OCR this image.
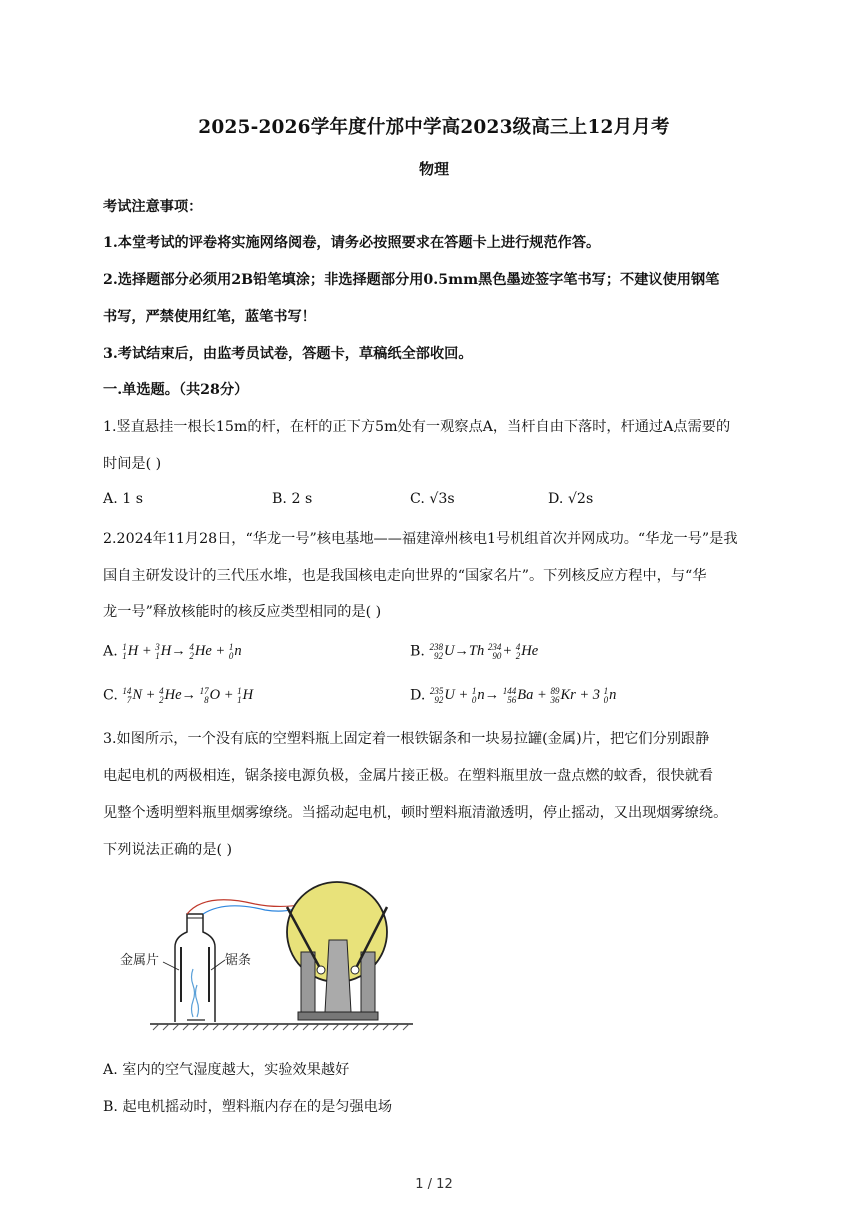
2025-2026学年度什邡中学高2023级高三上12月月考
物理
考试注意事项：
1.本堂考试的评卷将实施网络阅卷，请务必按照要求在答题卡上进行规范作答。
2.选择题部分必须用2B铅笔填涂；非选择题部分用0.5mm黑色墨迹签字笔书写；不建议使用钢笔
书写，严禁使用红笔，蓝笔书写！
3.考试结束后，由监考员试卷，答题卡，草稿纸全部收回。
一.单选题。（共28分）
1.竖直悬挂一根长15m的杆，在杆的正下方5m处有一观察点A，当杆自由下落时，杆通过A点需要的
时间是( )
A. 1 s	B. 2 s	C. √3s	D. √2s
2.2024年11月28日，“华龙一号”核电基地——福建漳州核电1号机组首次并网成功。“华龙一号”是我
国自主研发设计的三代压水堆，也是我国核电走向世界的“国家名片”。下列核反应方程中，与“华
龙一号”释放核能时的核反应类型相同的是( )
A. 1
1 H + 3
1 H→ 4
2 He + 1
0 n	B. 238
92 U→Th 234
90 + 4
2 He
C. 14
7 N + 4
2 He→ 17
8 O + 1
1 H	D. 235
92 U + 1
0 n→ 144
56 Ba + 89
36 Kr + 3 1
0 n
3.如图所示，一个没有底的空塑料瓶上固定着一根铁锯条和一块易拉罐(金属)片，把它们分别跟静
电起电机的两极相连，锯条接电源负极，金属片接正极。在塑料瓶里放一盘点燃的蚊香，很快就看
见整个透明塑料瓶里烟雾缭绕。当摇动起电机，顿时塑料瓶清澈透明，停止摇动，又出现烟雾缭绕。
下列说法正确的是( )
金属片	锯条
A. 室内的空气湿度越大，实验效果越好
B. 起电机摇动时，塑料瓶内存在的是匀强电场
1 / 12
